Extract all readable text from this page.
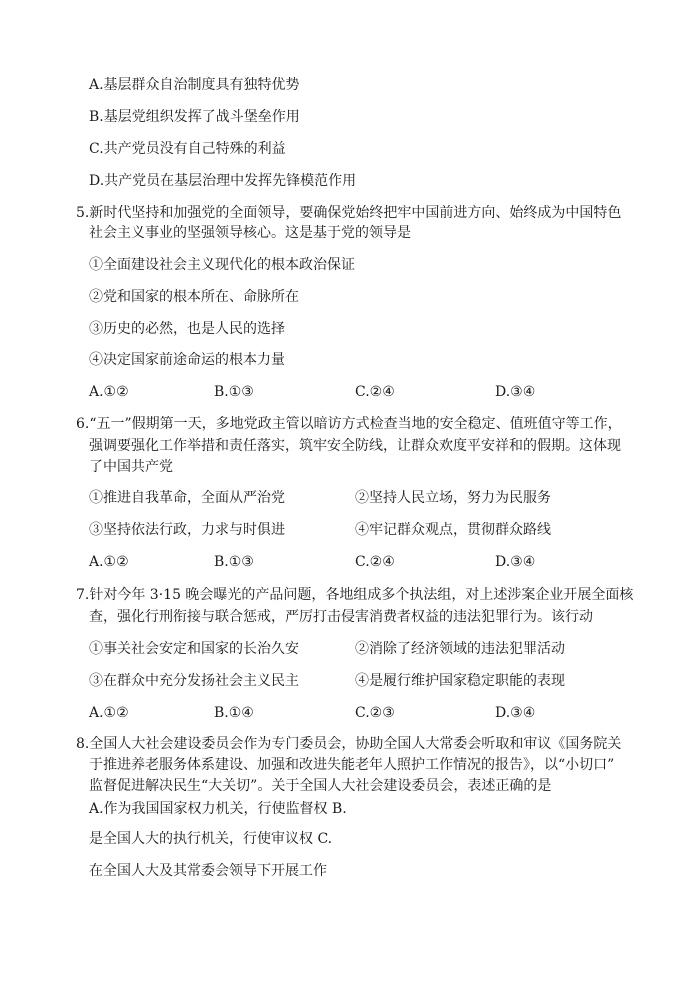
A.基层群众自治制度具有独特优势
B.基层党组织发挥了战斗堡垒作用
C.共产党员没有自己特殊的利益
D.共产党员在基层治理中发挥先锋模范作用
5.新时代坚持和加强党的全面领导，要确保党始终把牢中国前进方向、始终成为中国特色
社会主义事业的坚强领导核心。这是基于党的领导是
①全面建设社会主义现代化的根本政治保证
②党和国家的根本所在、命脉所在
③历史的必然，也是人民的选择
④决定国家前途命运的根本力量
A.①②	B.①③	C.②④	D.③④
6.“五一”假期第一天，多地党政主管以暗访方式检查当地的安全稳定、值班值守等工作，
强调要强化工作举措和责任落实，筑牢安全防线，让群众欢度平安祥和的假期。这体现
了中国共产党
①推进自我革命，全面从严治党	②坚持人民立场，努力为民服务
③坚持依法行政，力求与时俱进	④牢记群众观点，贯彻群众路线
A.①②	B.①③	C.②④	D.③④
7.针对今年 3·15 晚会曝光的产品问题，各地组成多个执法组，对上述涉案企业开展全面核
查，强化行刑衔接与联合惩戒，严厉打击侵害消费者权益的违法犯罪行为。该行动
①事关社会安定和国家的长治久安	②消除了经济领域的违法犯罪活动
③在群众中充分发扬社会主义民主	④是履行维护国家稳定职能的表现
A.①②	B.①④	C.②③	D.③④
8.全国人大社会建设委员会作为专门委员会，协助全国人大常委会听取和审议《国务院关
于推进养老服务体系建设、加强和改进失能老年人照护工作情况的报告》，以“小切口”
监督促进解决民生“大关切”。关于全国人大社会建设委员会，表述正确的是
A.作为我国国家权力机关，行使监督权 B.
是全国人大的执行机关，行使审议权 C.
在全国人大及其常委会领导下开展工作
